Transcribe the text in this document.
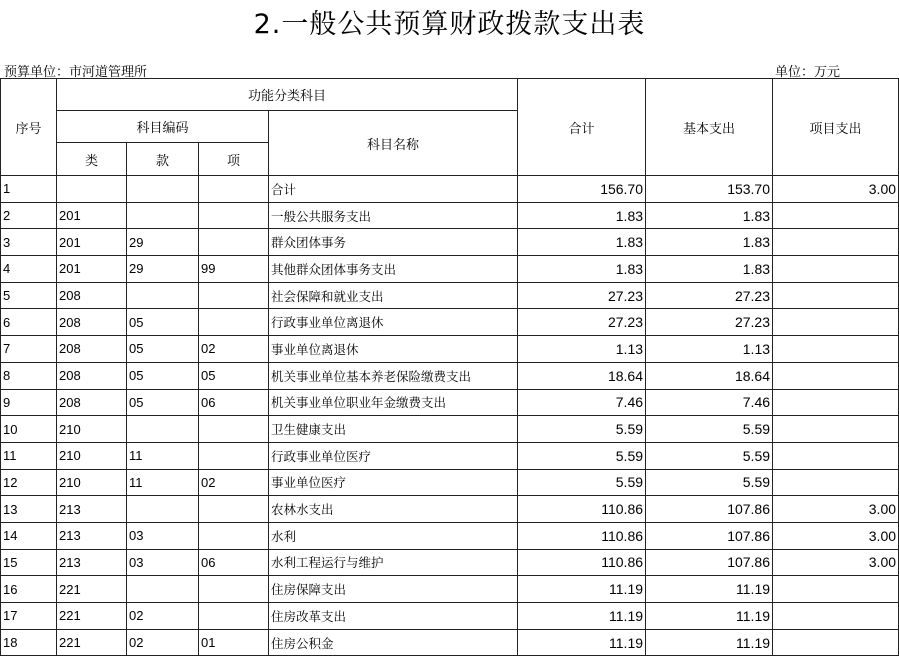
2.一般公共预算财政拨款支出表
预算单位：市河道管理所	单位：万元
序号	功能分类科目				合计	基本支出	项目支出
	科目编码			科目名称			
	类	款	项				
1				合计	156.70	153.70	3.00
2	201			一般公共服务支出	1.83	1.83	
3	201	29		群众团体事务	1.83	1.83	
4	201	29	99	其他群众团体事务支出	1.83	1.83	
5	208			社会保障和就业支出	27.23	27.23	
6	208	05		行政事业单位离退休	27.23	27.23	
7	208	05	02	事业单位离退休	1.13	1.13	
8	208	05	05	机关事业单位基本养老保险缴费支出	18.64	18.64	
9	208	05	06	机关事业单位职业年金缴费支出	7.46	7.46	
10	210			卫生健康支出	5.59	5.59	
11	210	11		行政事业单位医疗	5.59	5.59	
12	210	11	02	事业单位医疗	5.59	5.59	
13	213			农林水支出	110.86	107.86	3.00
14	213	03		水利	110.86	107.86	3.00
15	213	03	06	水利工程运行与维护	110.86	107.86	3.00
16	221			住房保障支出	11.19	11.19	
17	221	02		住房改革支出	11.19	11.19	
18	221	02	01	住房公积金	11.19	11.19	
